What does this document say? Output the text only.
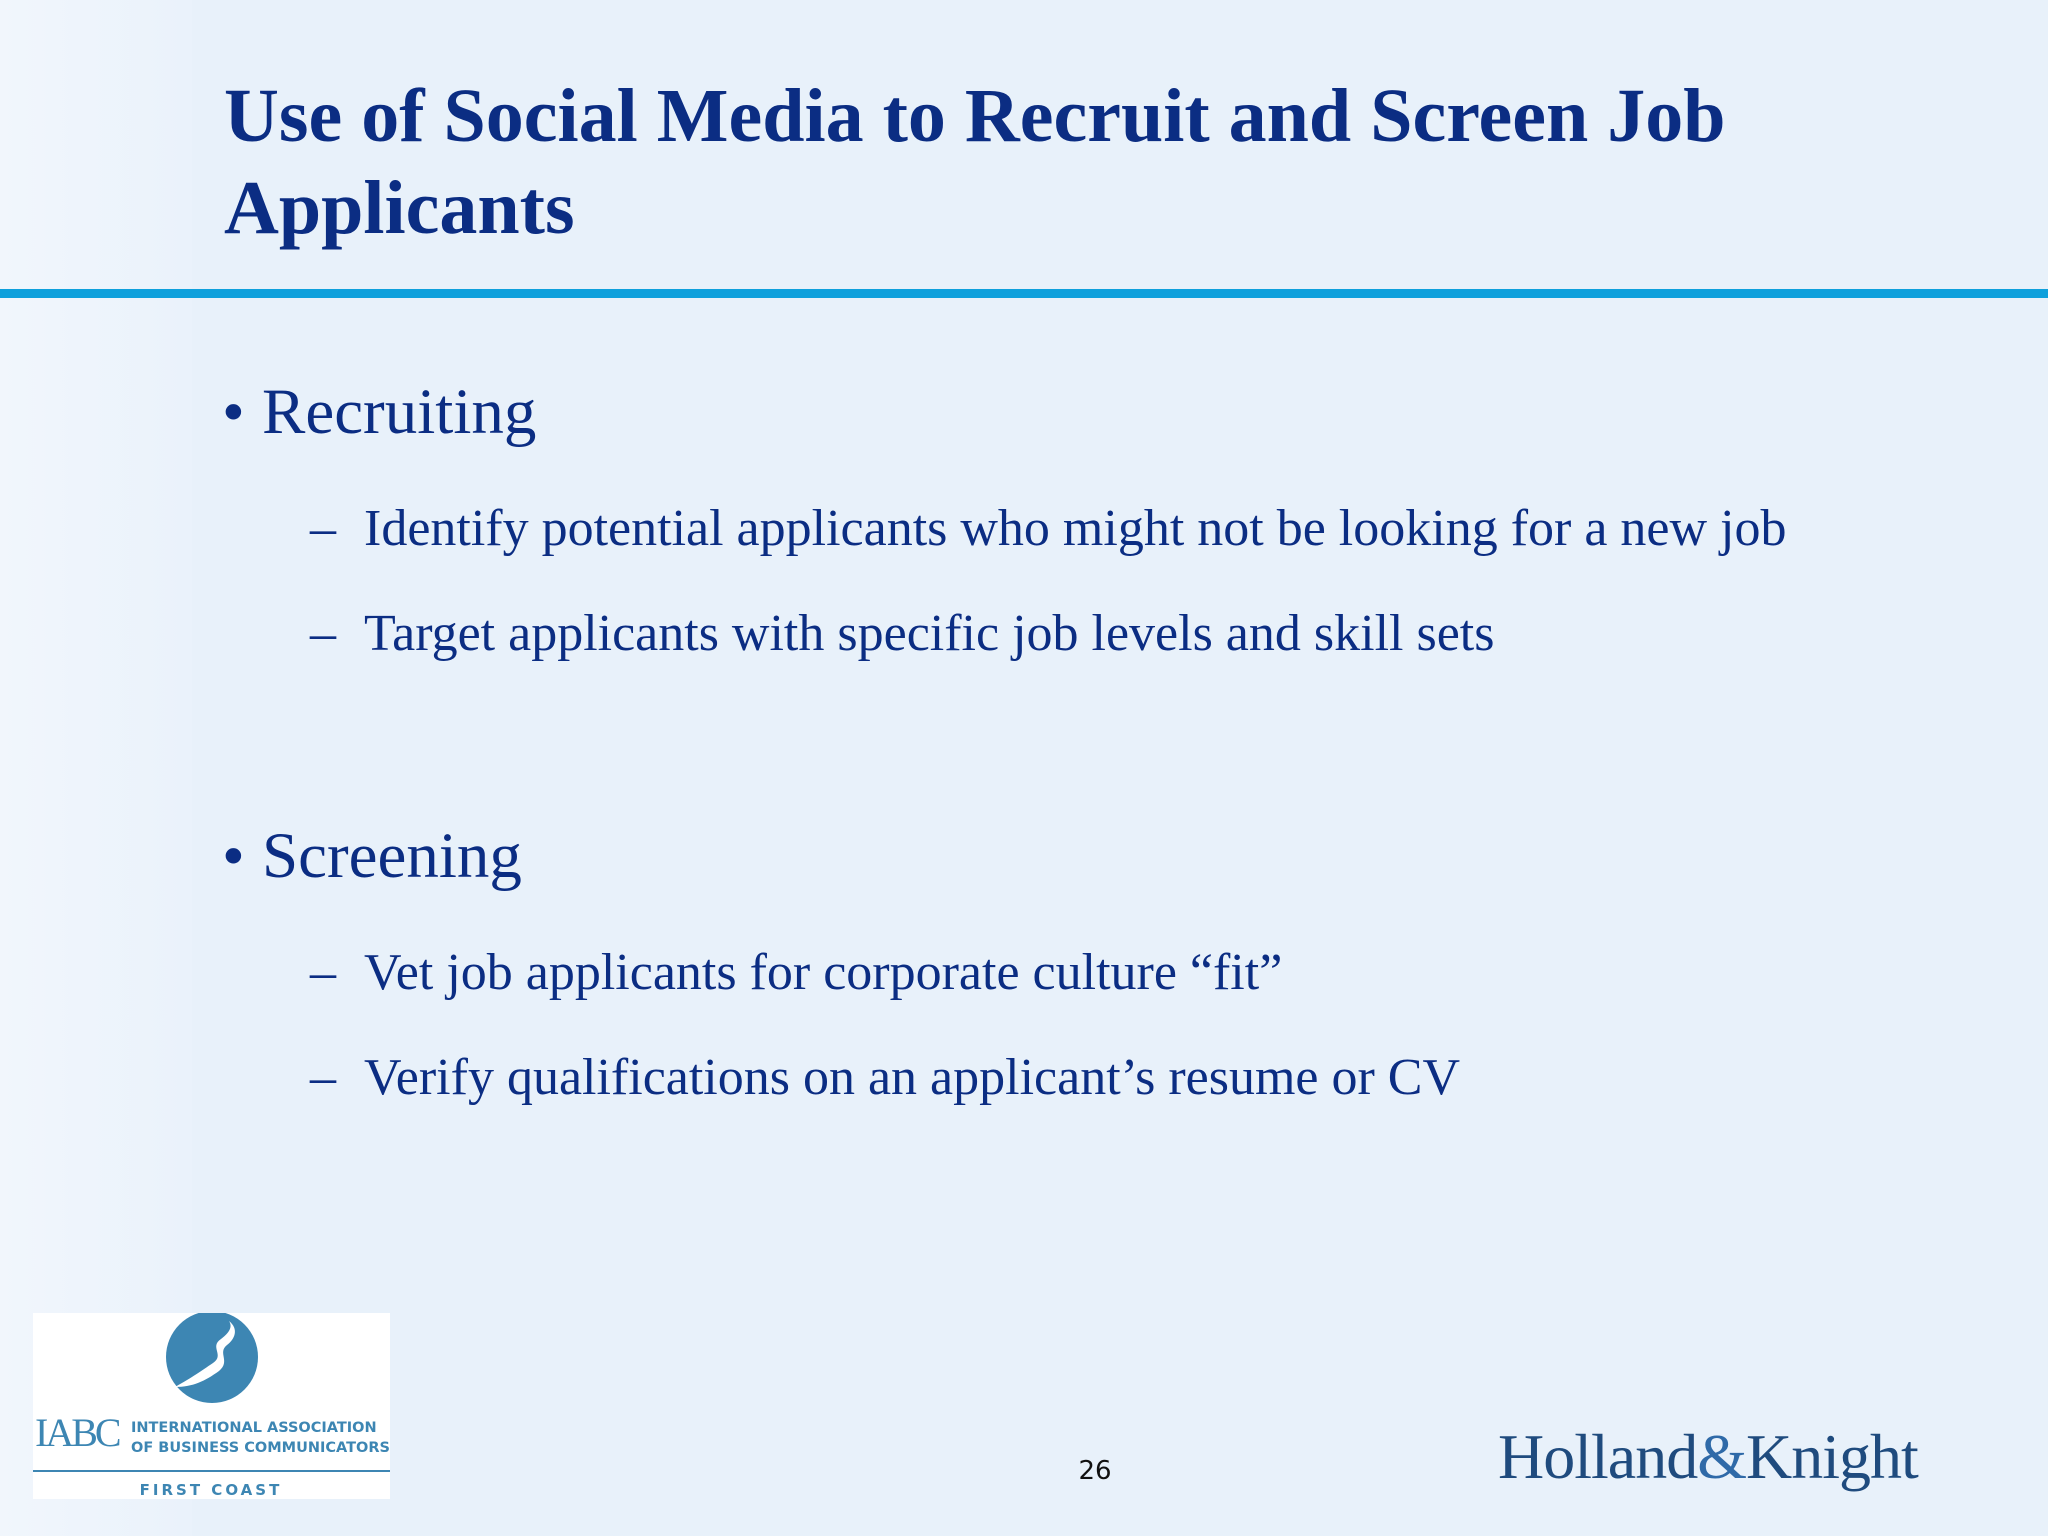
Use of Social Media to Recruit and Screen Job Applicants
• Recruiting
– Identify potential applicants who might not be looking for a new job
– Target applicants with specific job levels and skill sets
• Screening
– Vet job applicants for corporate culture “fit”
– Verify qualifications on an applicant’s resume or CV
IABC INTERNATIONAL ASSOCIATION
OF BUSINESS COMMUNICATORS
FIRST COAST
26	Holland&Knight
